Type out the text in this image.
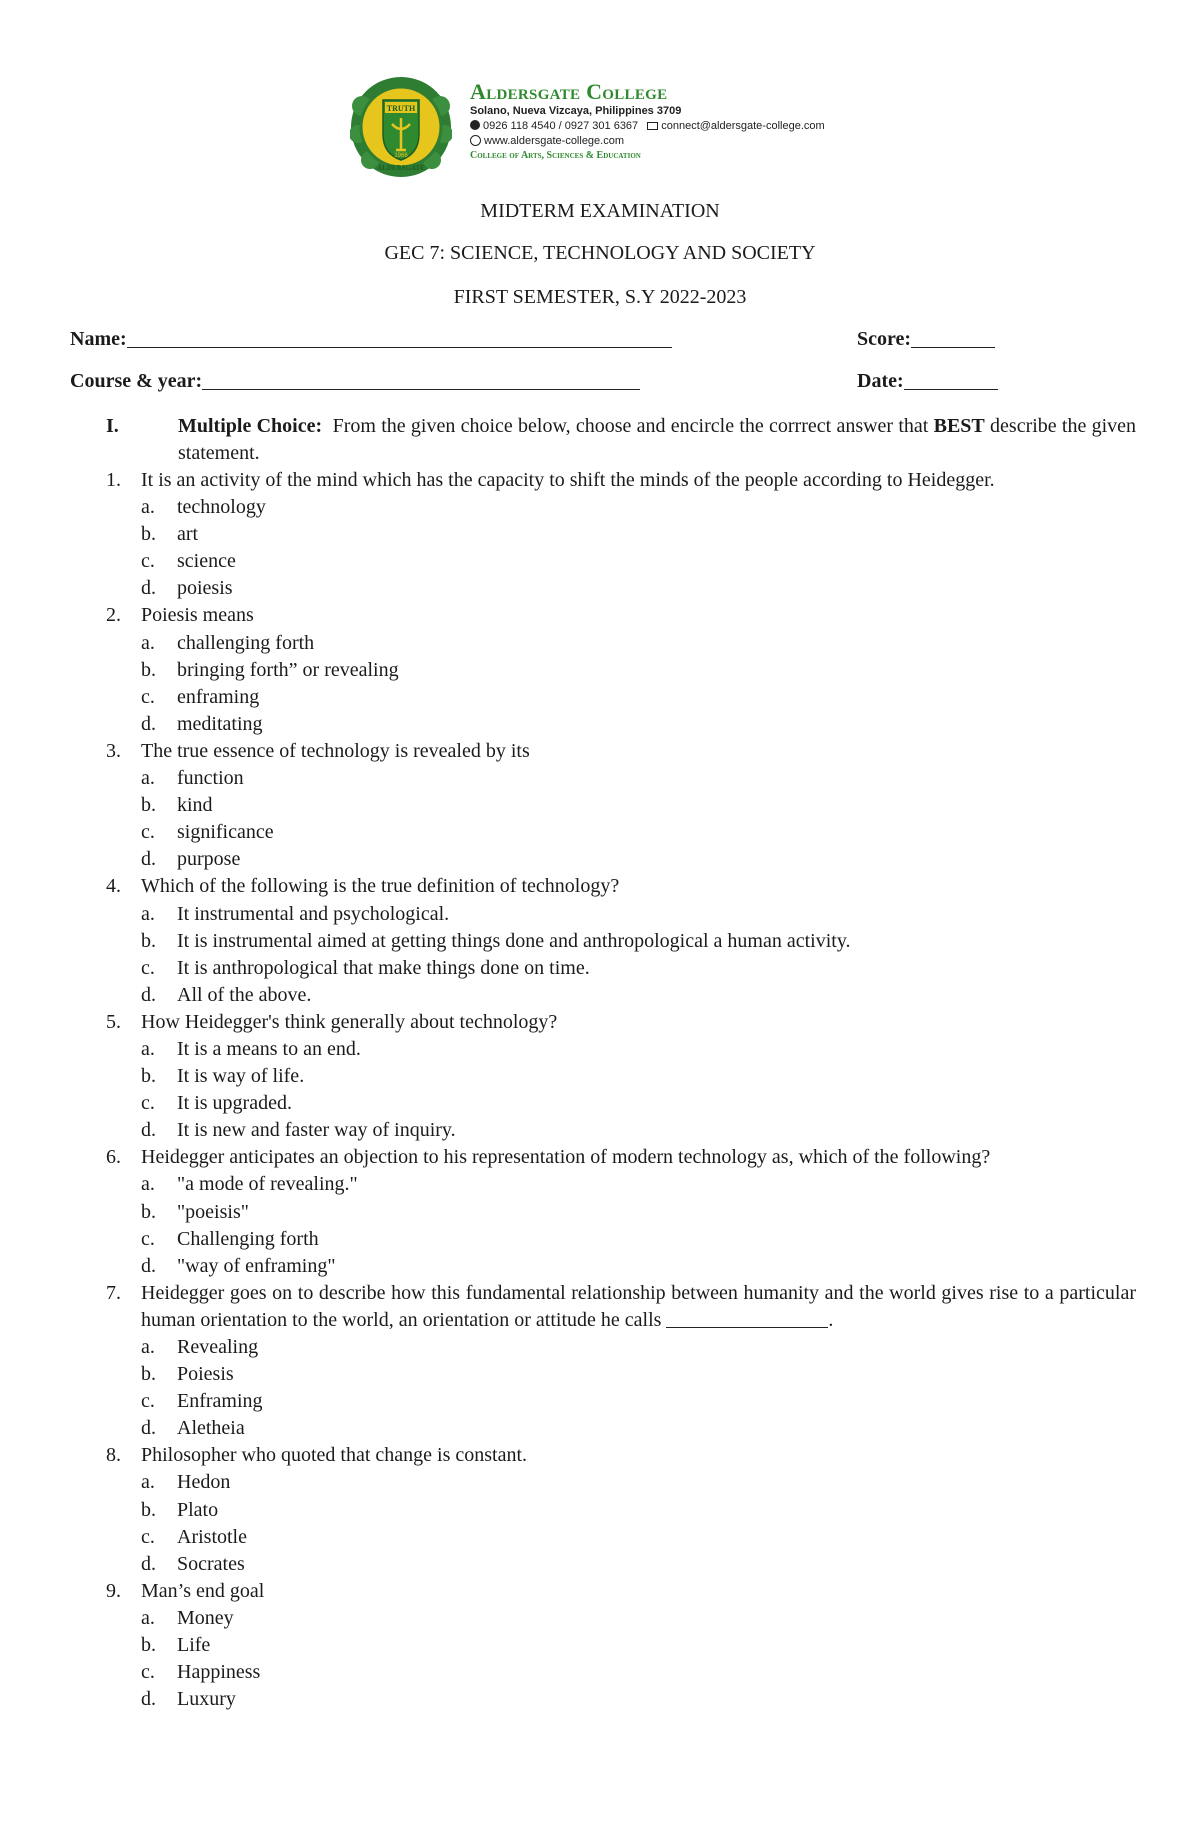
TRUTH
1966
ALDERSGATE
Aldersgate College
Solano, Nueva Vizcaya, Philippines 3709
0926 118 4540 / 0927 301 6367 connect@aldersgate-college.com
www.aldersgate-college.com
College of Arts, Sciences & Education
MIDTERM EXAMINATION
GEC 7: SCIENCE, TECHNOLOGY AND SOCIETY
FIRST SEMESTER, S.Y 2022-2023
Name:
Course & year:
Score:
Date:
I.	Multiple Choice: From the given choice below, choose and encircle the corrrect answer that BEST describe the given statement.
1. It is an activity of the mind which has the capacity to shift the minds of the people according to Heidegger.
a. technology
b. art
c. science
d. poiesis
2. Poiesis means
a. challenging forth
b. bringing forth” or revealing
c. enframing
d. meditating
3. The true essence of technology is revealed by its
a. function
b. kind
c. significance
d. purpose
4. Which of the following is the true definition of technology?
a. It instrumental and psychological.
b. It is instrumental aimed at getting things done and anthropological a human activity.
c. It is anthropological that make things done on time.
d. All of the above.
5. How Heidegger's think generally about technology?
a. It is a means to an end.
b. It is way of life.
c. It is upgraded.
d. It is new and faster way of inquiry.
6. Heidegger anticipates an objection to his representation of modern technology as, which of the following?
a. "a mode of revealing."
b. "poeisis"
c. Challenging forth
d. "way of enframing"
7. Heidegger goes on to describe how this fundamental relationship between humanity and the world gives rise to a particular human orientation to the world, an orientation or attitude he calls	.
a. Revealing
b. Poiesis
c. Enframing
d. Aletheia
8. Philosopher who quoted that change is constant.
a. Hedon
b. Plato
c. Aristotle
d. Socrates
9. Man’s end goal
a. Money
b. Life
c. Happiness
d. Luxury
